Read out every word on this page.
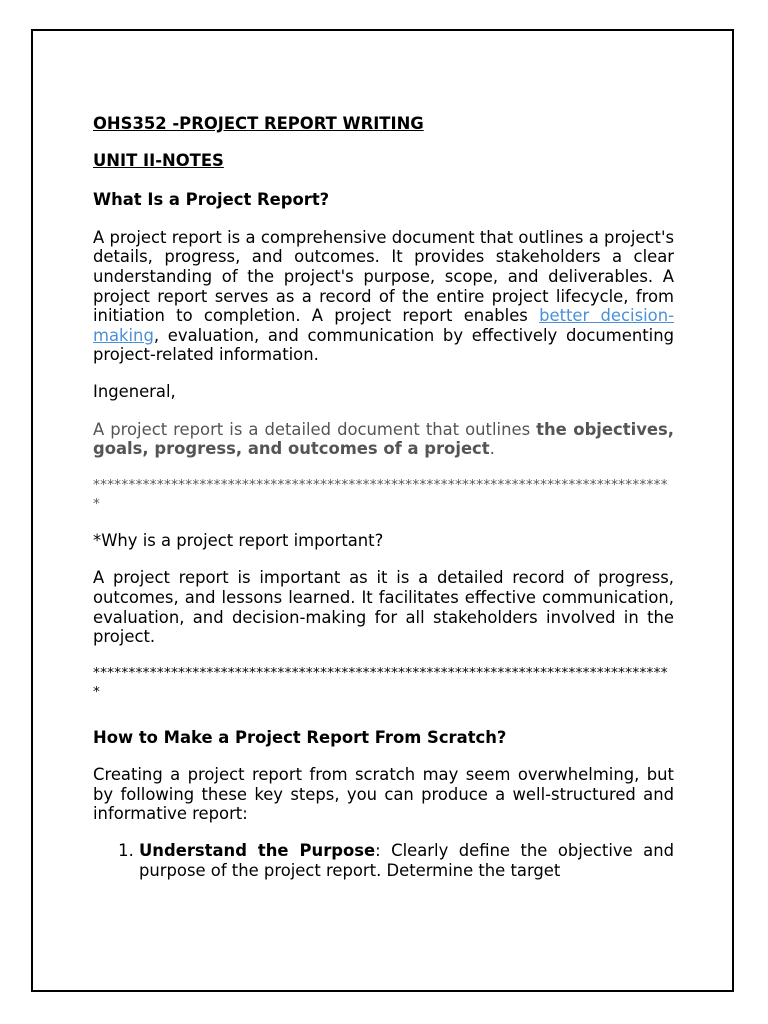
OHS352 -PROJECT REPORT WRITING

UNIT II-NOTES

What Is a Project Report?

A project report is a comprehensive document that outlines a project's details, progress, and outcomes. It provides stakeholders a clear understanding of the project's purpose, scope, and deliverables. A project report serves as a record of the entire project lifecycle, from initiation to completion. A project report enables better decision-making, evaluation, and communication by effectively documenting project-related information.

Ingeneral,

A project report is a detailed document that outlines the objectives, goals, progress, and outcomes of a project.

**********************************************************************************

*Why is a project report important?

A project report is important as it is a detailed record of progress, outcomes, and lessons learned. It facilitates effective communication, evaluation, and decision-making for all stakeholders involved in the project.

**********************************************************************************

How to Make a Project Report From Scratch?

Creating a project report from scratch may seem overwhelming, but by following these key steps, you can produce a well-structured and informative report:

1. Understand the Purpose: Clearly define the objective and purpose of the project report. Determine the target
